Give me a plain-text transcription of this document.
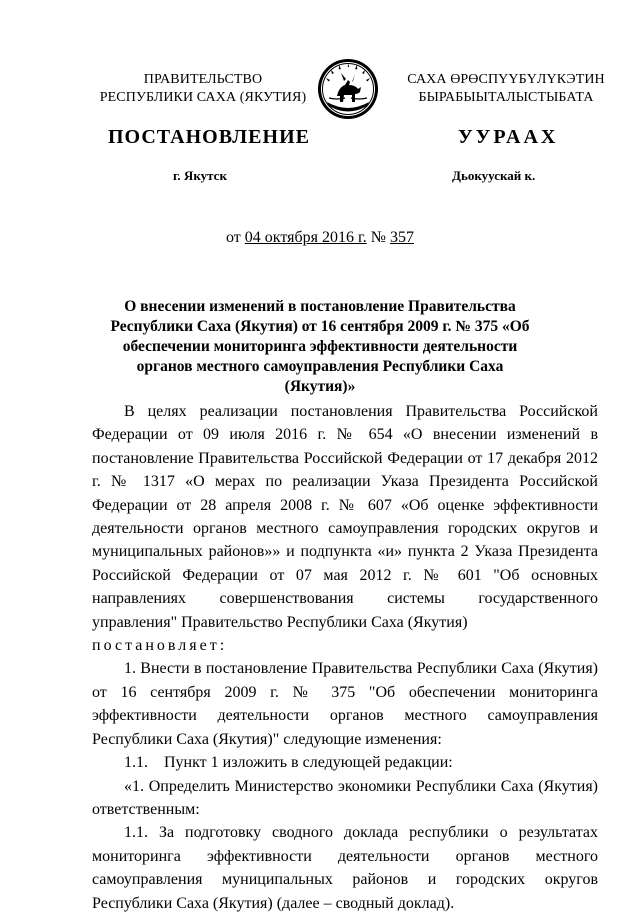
ПРАВИТЕЛЬСТВО
РЕСПУБЛИКИ САХА (ЯКУТИЯ)
САХА ӨРӨСПҮҮБҮЛҮКЭТИН
БЫРАБЫЫТАЛЫСТЫБАТА
ПОСТАНОВЛЕНИЕ	УУРААХ
г. Якутск	Дьокуускай к.
от 04 октября 2016 г. № 357
О внесении изменений в постановление Правительства Республики Саха (Якутия) от 16 сентября 2009 г. № 375 «Об обеспечении мониторинга эффективности деятельности органов местного самоуправления Республики Саха (Якутия)»

В целях реализации постановления Правительства Российской Федерации от 09 июля 2016 г. № 654 «О внесении изменений в постановление Правительства Российской Федерации от 17 декабря 2012 г. № 1317 «О мерах по реализации Указа Президента Российской Федерации от 28 апреля 2008 г. № 607 «Об оценке эффективности деятельности органов местного самоуправления городских округов и муниципальных районов»» и подпункта «и» пункта 2 Указа Президента Российской Федерации от 07 мая 2012 г. № 601 "Об основных направлениях совершенствования системы государственного управления" Правительство Республики Саха (Якутия)
постановляет:

1. Внести в постановление Правительства Республики Саха (Якутия) от 16 сентября 2009 г. № 375 "Об обеспечении мониторинга эффективности деятельности органов местного самоуправления Республики Саха (Якутия)" следующие изменения:

1.1.    Пункт 1 изложить в следующей редакции:

«1. Определить Министерство экономики Республики Саха (Якутия) ответственным:

1.1. За подготовку сводного доклада республики о результатах мониторинга эффективности деятельности органов местного самоуправления муниципальных районов и городских округов Республики Саха (Якутия) (далее – сводный доклад).
